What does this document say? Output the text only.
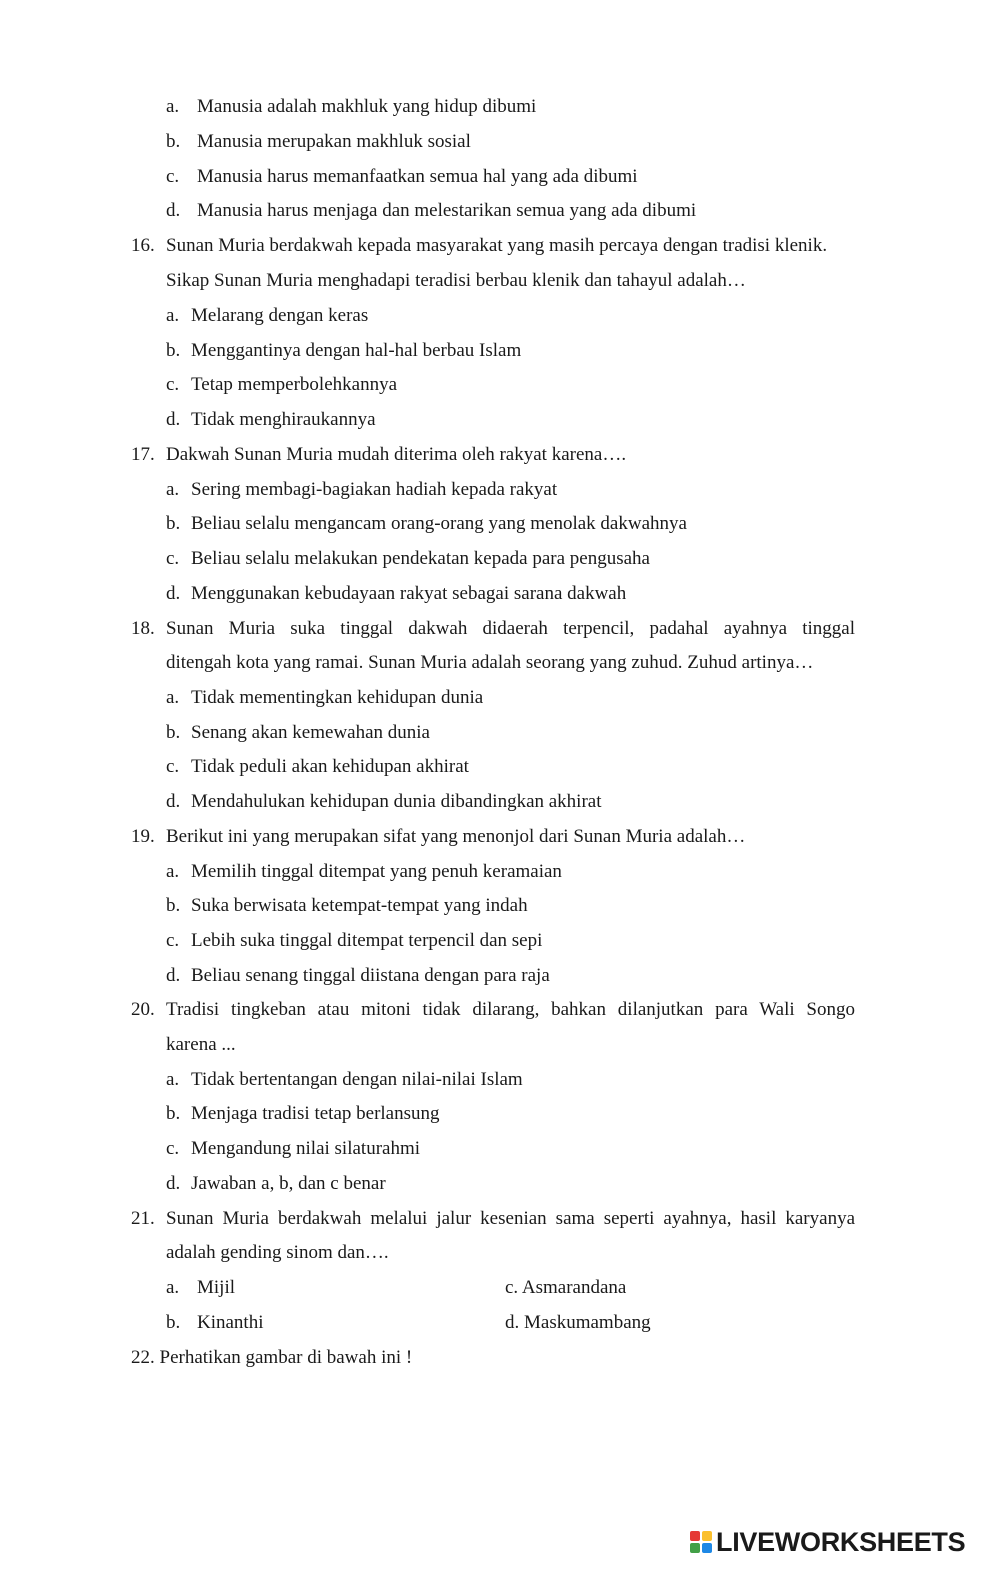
a. Manusia adalah makhluk yang hidup dibumi
b. Manusia merupakan makhluk sosial
c. Manusia harus memanfaatkan semua hal yang ada dibumi
d. Manusia harus menjaga dan melestarikan semua yang ada dibumi
16. Sunan Muria berdakwah kepada masyarakat yang masih percaya dengan tradisi klenik.
Sikap Sunan Muria menghadapi teradisi berbau klenik dan tahayul adalah…
a. Melarang dengan keras
b. Menggantinya dengan hal-hal berbau Islam
c. Tetap memperbolehkannya
d. Tidak menghiraukannya
17. Dakwah Sunan Muria mudah diterima oleh rakyat karena….
a. Sering membagi-bagiakan hadiah kepada rakyat
b. Beliau selalu mengancam orang-orang yang menolak dakwahnya
c. Beliau selalu melakukan pendekatan kepada para pengusaha
d. Menggunakan kebudayaan rakyat sebagai sarana dakwah
18. Sunan Muria suka tinggal dakwah didaerah terpencil, padahal ayahnya tinggal
ditengah kota yang ramai. Sunan Muria adalah seorang yang zuhud. Zuhud artinya…
a. Tidak mementingkan kehidupan dunia
b. Senang akan kemewahan dunia
c. Tidak peduli akan kehidupan akhirat
d. Mendahulukan kehidupan dunia dibandingkan akhirat
19. Berikut ini yang merupakan sifat yang menonjol dari Sunan Muria adalah…
a. Memilih tinggal ditempat yang penuh keramaian
b. Suka berwisata ketempat-tempat yang indah
c. Lebih suka tinggal ditempat terpencil dan sepi
d. Beliau senang tinggal diistana dengan para raja
20. Tradisi tingkeban atau mitoni tidak dilarang, bahkan dilanjutkan para Wali Songo
karena ...
a. Tidak bertentangan dengan nilai-nilai Islam
b. Menjaga tradisi tetap berlansung
c. Mengandung nilai silaturahmi
d. Jawaban a, b, dan c benar
21. Sunan Muria berdakwah melalui jalur kesenian sama seperti ayahnya, hasil karyanya
adalah gending sinom dan….
a. Mijil	c. Asmarandana
b. Kinanthi	d. Maskumambang
22. Perhatikan gambar di bawah ini !
LIVEWORKSHEETS
